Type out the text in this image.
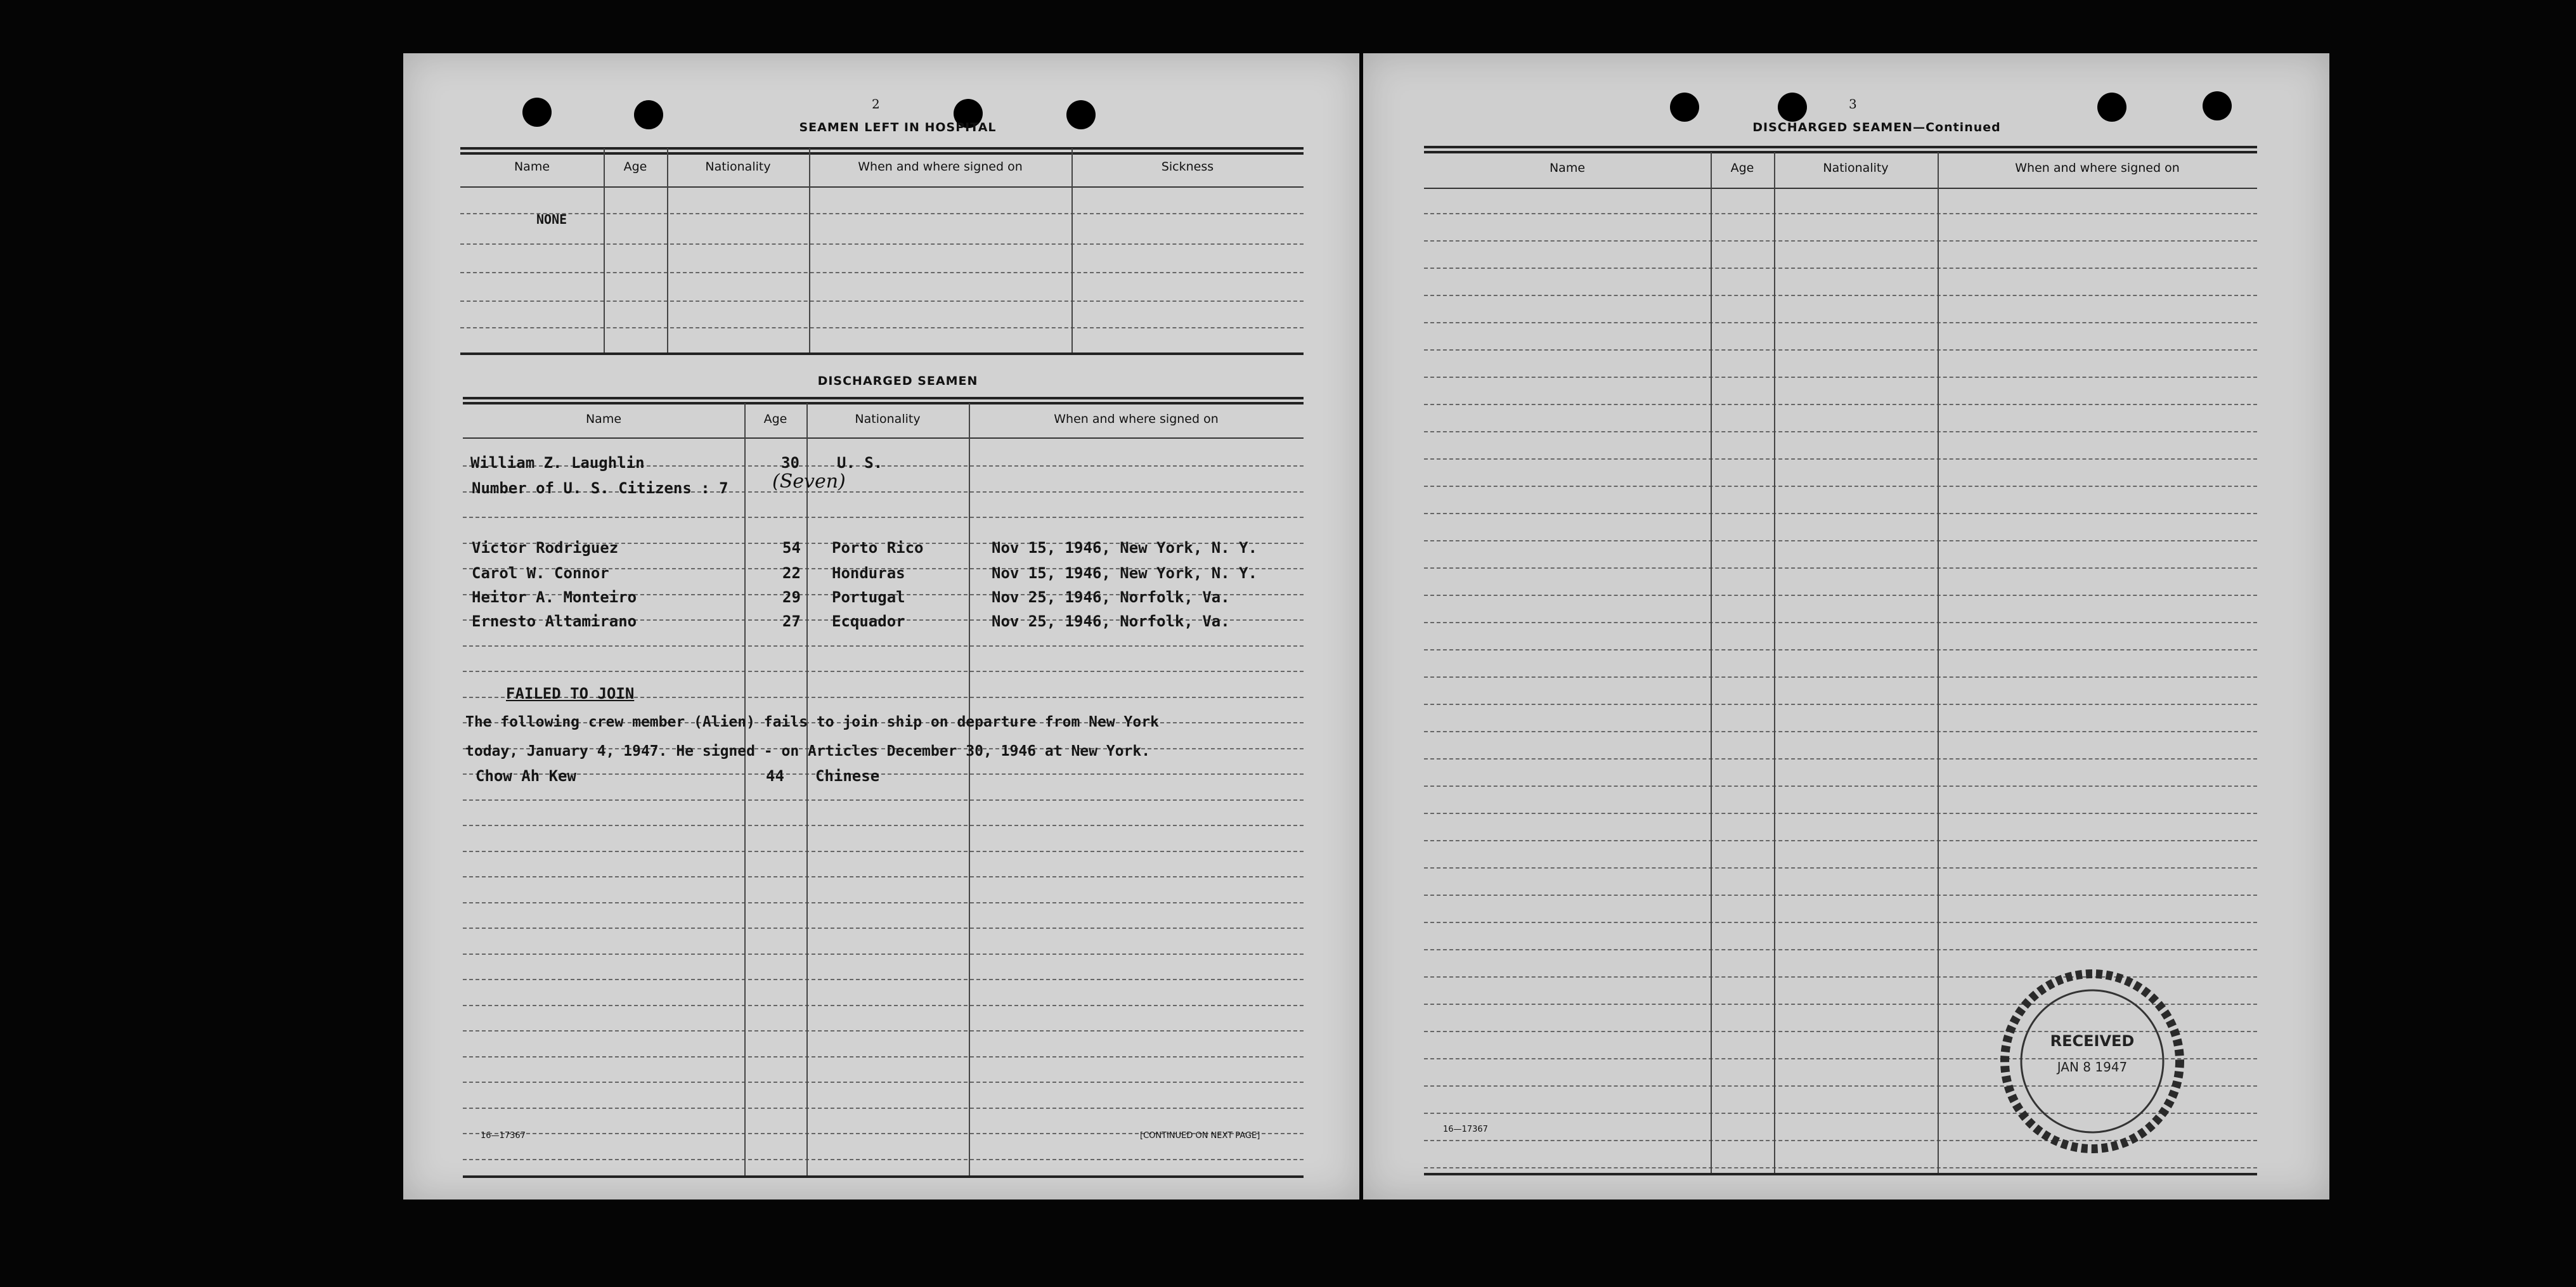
2
SEAMEN LEFT IN HOSPITAL
Name	Age	Nationality	When and where signed on	Sickness
NONE
DISCHARGED SEAMEN
Name	Age	Nationality	When and where signed on
William Z. Laughlin	30 U. S.
Number of U. S. Citizens : 7 (Seven)
Victor Rodriguez	54 Porto Rico	Nov 15, 1946, New York, N. Y.
Carol W. Connor	22 Honduras	Nov 15, 1946, New York, N. Y.
Heitor A. Monteiro	29 Portugal	Nov 25, 1946, Norfolk, Va.
Ernesto Altamirano	27 Ecquador	Nov 25, 1946, Norfolk, Va.
FAILED TO JOIN
The following crew member (Alien) fails to join ship on departure from New York
today, January 4, 1947. He signed - on Articles December 30, 1946 at New York.
Chow Ah Kew	44 Chinese
16—17367	[CONTINUED ON NEXT PAGE]
3
DISCHARGED SEAMEN—Continued
Name	Age	Nationality	When and where signed on
16—17367
RECEIVED
JAN 8 1947
